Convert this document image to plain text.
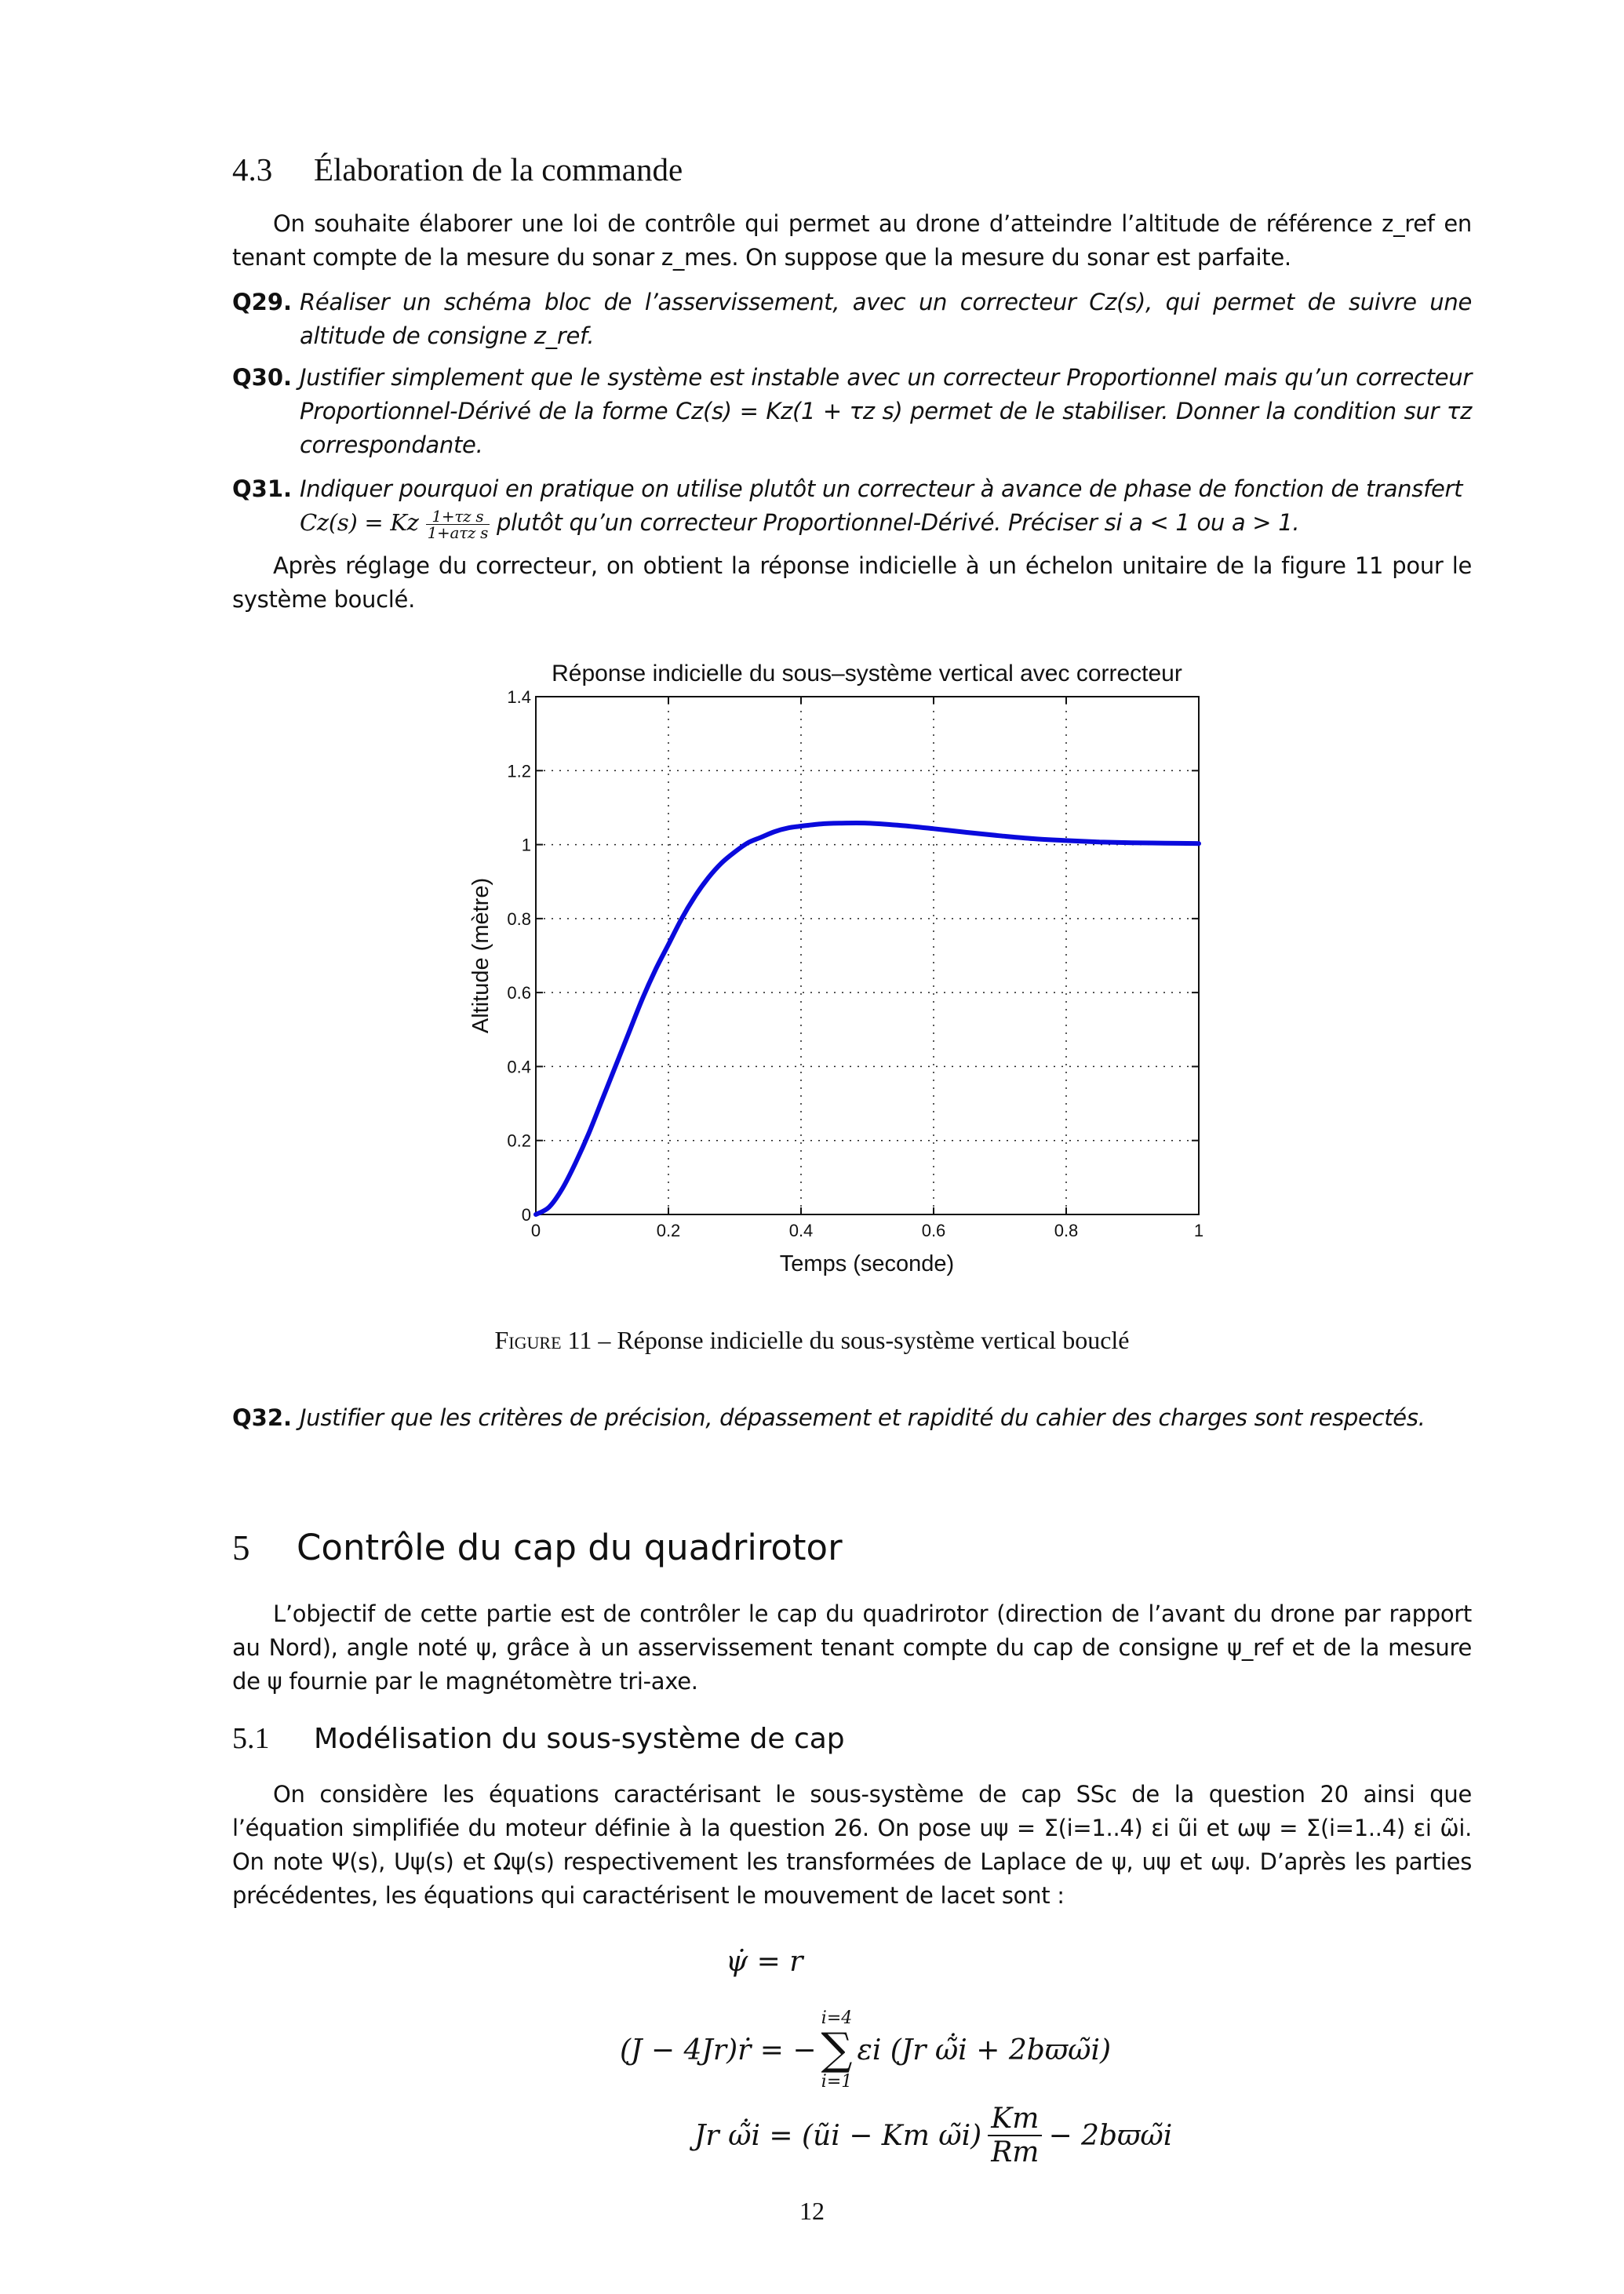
4.3 Élaboration de la commande
On souhaite élaborer une loi de contrôle qui permet au drone d’atteindre l’altitude de référence z_ref en tenant compte de la mesure du sonar z_mes. On suppose que la mesure du sonar est parfaite.
Q29. Réaliser un schéma bloc de l’asservissement, avec un correcteur Cz(s), qui permet de suivre une altitude de consigne z_ref.
Q30. Justifier simplement que le système est instable avec un correcteur Proportionnel mais qu’un correcteur Proportionnel-Dérivé de la forme Cz(s) = Kz(1 + τz s) permet de le stabiliser. Donner la condition sur τz correspondante.
Q31. Indiquer pourquoi en pratique on utilise plutôt un correcteur à avance de phase de fonction de transfert
Cz(s) = Kz $\frac{\text{1+τz s}}{\text{1+aτz s}}$ plutôt qu’un correcteur Proportionnel-Dérivé. Préciser si a < 1 ou a > 1.
Après réglage du correcteur, on obtient la réponse indicielle à un échelon unitaire de la figure 11 pour le système bouclé.
Réponse indicielle du sous–système vertical avec correcteur
0
0.2
0.4
0.6
0.8
1
1.2
1.4
0	0.2	0.4	0.6	0.8	1
Temps (seconde)
Altitude (mètre)
Figure 11 – Réponse indicielle du sous-système vertical bouclé
Q32. Justifier que les critères de précision, dépassement et rapidité du cahier des charges sont respectés.
5 Contrôle du cap du quadrirotor
L’objectif de cette partie est de contrôler le cap du quadrirotor (direction de l’avant du drone par rapport au Nord), angle noté ψ, grâce à un asservissement tenant compte du cap de consigne ψ_ref et de la mesure de ψ fournie par le magnétomètre tri-axe.
5.1 Modélisation du sous-système de cap
On considère les équations caractérisant le sous-système de cap SSc de la question 20 ainsi que l’équation simplifiée du moteur définie à la question 26. On pose uψ = Σ(i=1..4) εi ũi et ωψ = Σ(i=1..4) εi ω̃i. On note Ψ(s), Uψ(s) et Ωψ(s) respectivement les transformées de Laplace de ψ, uψ et ωψ. D’après les parties précédentes, les équations qui caractérisent le mouvement de lacet sont :
ψ̇ = r
(J − 4Jr)ṙ = −
i=4
∑
i=1
εi (Jr ω̃̇i + 2bϖω̃i)
Jr ω̃̇i = (ũi − Km ω̃i)
Km
Rm
− 2bϖω̃i
12
